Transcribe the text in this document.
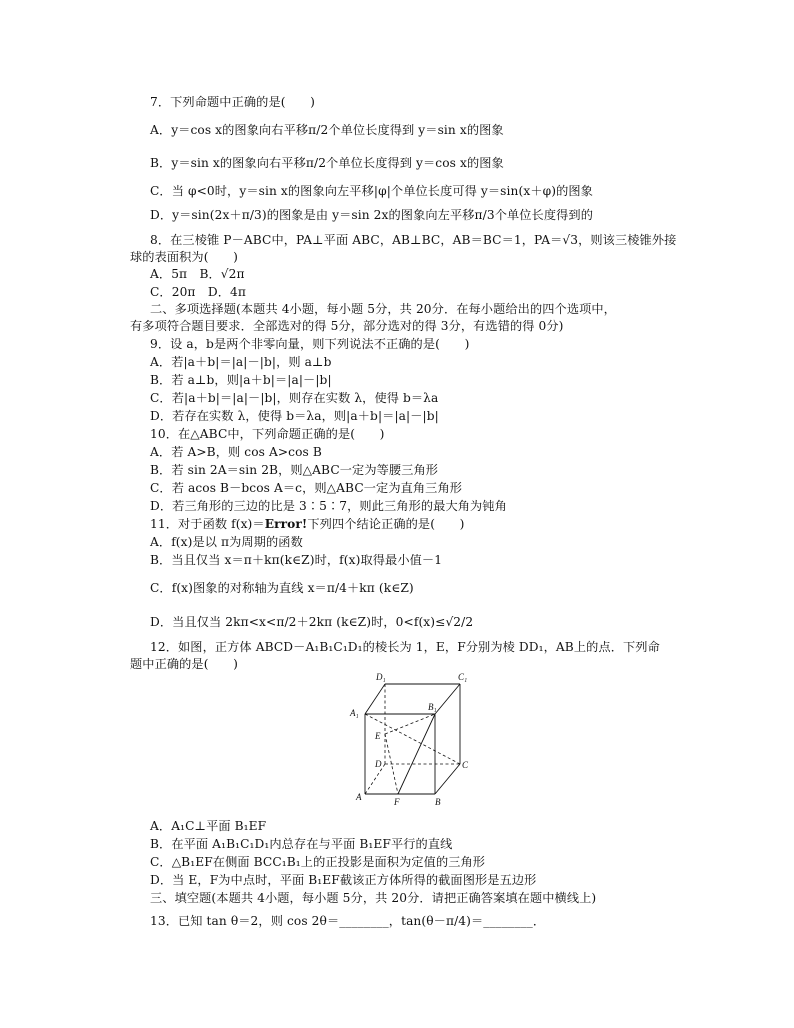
7．下列命题中正确的是(　　)
A．y＝cos x的图象向右平移π/2个单位长度得到 y＝sin x的图象
B．y＝sin x的图象向右平移π/2个单位长度得到 y＝cos x的图象
C．当 φ<0时，y＝sin x的图象向左平移|φ|个单位长度可得 y＝sin(x＋φ)的图象
D．y＝sin(2x＋π/3)的图象是由 y＝sin 2x的图象向左平移π/3个单位长度得到的
8．在三棱锥 P－ABC中，PA⊥平面 ABC，AB⊥BC，AB＝BC＝1，PA＝√3，则该三棱锥外接
球的表面积为(　　)
A．5π　B．√2π
C．20π　D．4π
二、多项选择题(本题共 4小题，每小题 5分，共 20分．在每小题给出的四个选项中，
有多项符合题目要求．全部选对的得 5分，部分选对的得 3分，有选错的得 0分)
9．设 a，b是两个非零向量，则下列说法不正确的是(　　)
A．若|a＋b|＝|a|－|b|，则 a⊥b
B．若 a⊥b，则|a＋b|＝|a|－|b|
C．若|a＋b|＝|a|－|b|，则存在实数 λ，使得 b＝λa
D．若存在实数 λ，使得 b＝λa，则|a＋b|＝|a|－|b|
10．在△ABC中，下列命题正确的是(　　)
A．若 A>B，则 cos A>cos B
B．若 sin 2A＝sin 2B，则△ABC一定为等腰三角形
C．若 acos B－bcos A＝c，则△ABC一定为直角三角形
D．若三角形的三边的比是 3∶5∶7，则此三角形的最大角为钝角
11．对于函数 f(x)＝Error!下列四个结论正确的是(　　)
A．f(x)是以 π为周期的函数
B．当且仅当 x＝π＋kπ(k∈Z)时，f(x)取得最小值－1
C．f(x)图象的对称轴为直线 x＝π/4＋kπ (k∈Z)
D．当且仅当 2kπ<x<π/2＋2kπ (k∈Z)时，0<f(x)≤√2/2
12．如图，正方体 ABCD－A₁B₁C₁D₁的棱长为 1，E，F分别为棱 DD₁，AB上的点．下列命
题中正确的是(　　)
D₁	C₁
A₁
B₁
E
D	C
A	F	B
A．A₁C⊥平面 B₁EF
B．在平面 A₁B₁C₁D₁内总存在与平面 B₁EF平行的直线
C．△B₁EF在侧面 BCC₁B₁上的正投影是面积为定值的三角形
D．当 E，F为中点时，平面 B₁EF截该正方体所得的截面图形是五边形
三、填空题(本题共 4小题，每小题 5分，共 20分．请把正确答案填在题中横线上)
13．已知 tan θ＝2，则 cos 2θ＝________，tan(θ－π/4)＝________．
